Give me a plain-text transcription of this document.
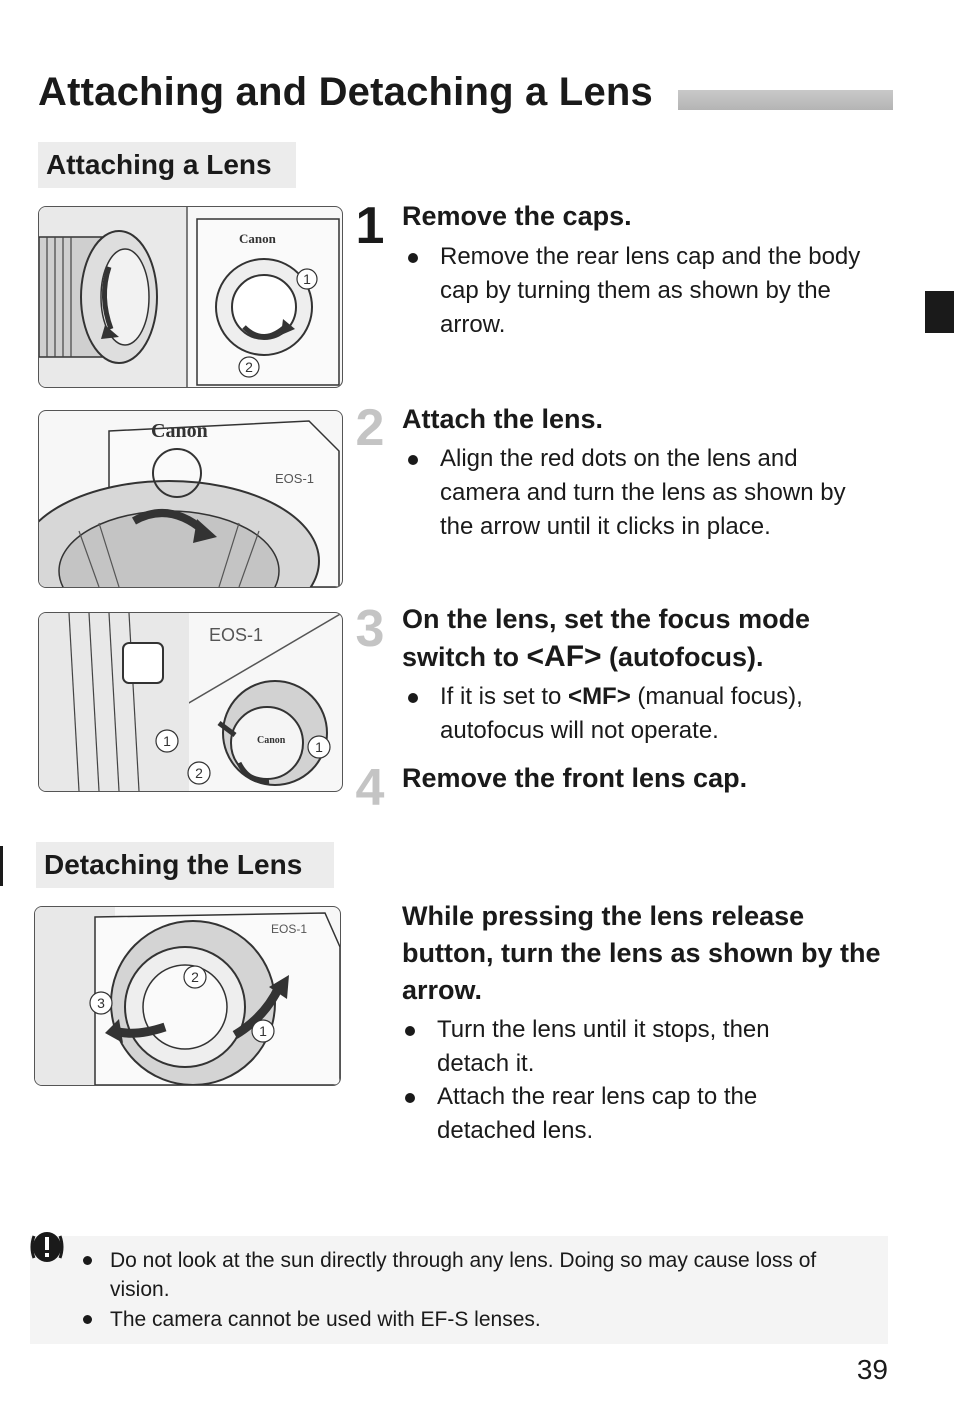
Attaching and Detaching a Lens
Attaching a Lens
Canon
1
2
Canon
EOS-1
EOS-1
Canon
1
2
1
1
2
3
4
Remove the caps.
Remove the rear lens cap and the body cap by turning them as shown by the arrow.
Attach the lens.
Align the red dots on the lens and camera and turn the lens as shown by the arrow until it clicks in place.
On the lens, set the focus mode switch to <AF> (autofocus).
If it is set to <MF> (manual focus), autofocus will not operate.
Remove the front lens cap.
Detaching the Lens
EOS-1
2
3
1
While pressing the lens release button, turn the lens as shown by the arrow.
Turn the lens until it stops, then detach it.
Attach the rear lens cap to the detached lens.
Do not look at the sun directly through any lens. Doing so may cause loss of vision.
The camera cannot be used with EF-S lenses.
39
